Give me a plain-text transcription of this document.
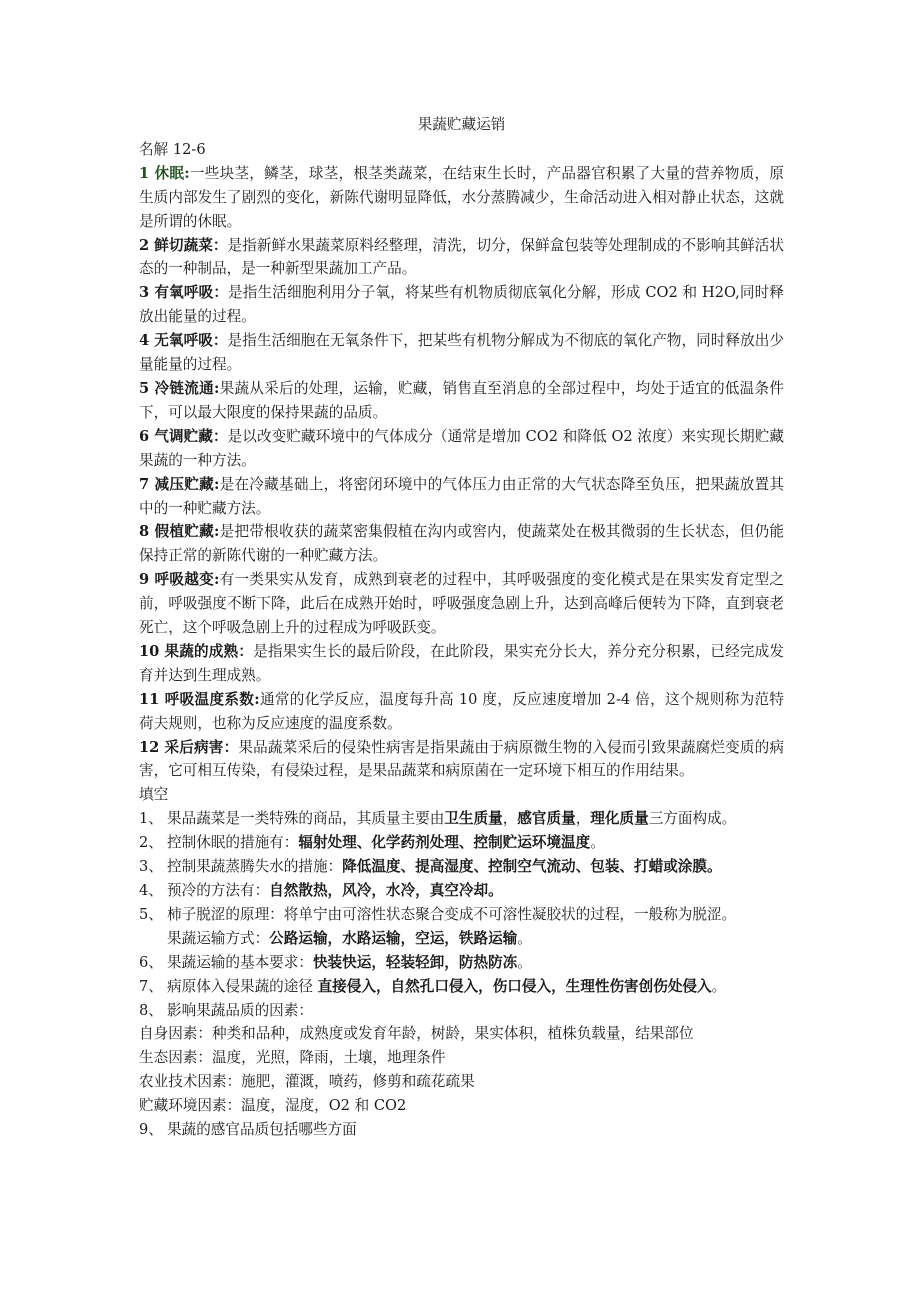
果蔬贮藏运销
名解 12-6
1 休眠:一些块茎，鳞茎，球茎，根茎类蔬菜，在结束生长时，产品器官积累了大量的营养物质，原生质内部发生了剧烈的变化，新陈代谢明显降低，水分蒸腾减少，生命活动进入相对静止状态，这就是所谓的休眠。
2 鲜切蔬菜：是指新鲜水果蔬菜原料经整理，清洗，切分，保鲜盒包装等处理制成的不影响其鲜活状态的一种制品，是一种新型果蔬加工产品。
3 有氧呼吸：是指生活细胞利用分子氧，将某些有机物质彻底氧化分解，形成 CO2 和 H2O,同时释放出能量的过程。
4 无氧呼吸：是指生活细胞在无氧条件下，把某些有机物分解成为不彻底的氧化产物，同时释放出少量能量的过程。
5 冷链流通:果蔬从采后的处理，运输，贮藏，销售直至消息的全部过程中，均处于适宜的低温条件下，可以最大限度的保持果蔬的品质。
6 气调贮藏：是以改变贮藏环境中的气体成分（通常是增加 CO2 和降低 O2 浓度）来实现长期贮藏果蔬的一种方法。
7 减压贮藏:是在冷藏基础上，将密闭环境中的气体压力由正常的大气状态降至负压，把果蔬放置其中的一种贮藏方法。
8 假植贮藏:是把带根收获的蔬菜密集假植在沟内或窖内，使蔬菜处在极其微弱的生长状态，但仍能保持正常的新陈代谢的一种贮藏方法。
9 呼吸越变:有一类果实从发育，成熟到衰老的过程中，其呼吸强度的变化模式是在果实发育定型之前，呼吸强度不断下降，此后在成熟开始时，呼吸强度急剧上升，达到高峰后便转为下降，直到衰老死亡，这个呼吸急剧上升的过程成为呼吸跃变。
10 果蔬的成熟：是指果实生长的最后阶段，在此阶段，果实充分长大，养分充分积累，已经完成发育并达到生理成熟。
11 呼吸温度系数:通常的化学反应，温度每升高 10 度，反应速度增加 2-4 倍，这个规则称为范特荷夫规则，也称为反应速度的温度系数。
12 采后病害：果品蔬菜采后的侵染性病害是指果蔬由于病原微生物的入侵而引致果蔬腐烂变质的病害，它可相互传染，有侵染过程，是果品蔬菜和病原菌在一定环境下相互的作用结果。
填空
1、 果品蔬菜是一类特殊的商品，其质量主要由卫生质量，感官质量，理化质量三方面构成。
2、 控制休眠的措施有：辐射处理、化学药剂处理、控制贮运环境温度。
3、 控制果蔬蒸腾失水的措施：降低温度、提高湿度、控制空气流动、包装、打蜡或涂膜。
4、 预冷的方法有：自然散热，风冷，水冷，真空冷却。
5、 柿子脱涩的原理：将单宁由可溶性状态聚合变成不可溶性凝胶状的过程，一般称为脱涩。
果蔬运输方式：公路运输，水路运输，空运，铁路运输。
6、 果蔬运输的基本要求：快装快运，轻装轻卸，防热防冻。
7、 病原体入侵果蔬的途径 直接侵入，自然孔口侵入，伤口侵入，生理性伤害创伤处侵入。
8、 影响果蔬品质的因素：
自身因素：种类和品种，成熟度或发育年龄，树龄，果实体积，植株负载量，结果部位
生态因素：温度，光照，降雨，土壤，地理条件
农业技术因素：施肥，灌溉，喷药，修剪和疏花疏果
贮藏环境因素：温度，湿度，O2 和 CO2
9、 果蔬的感官品质包括哪些方面
